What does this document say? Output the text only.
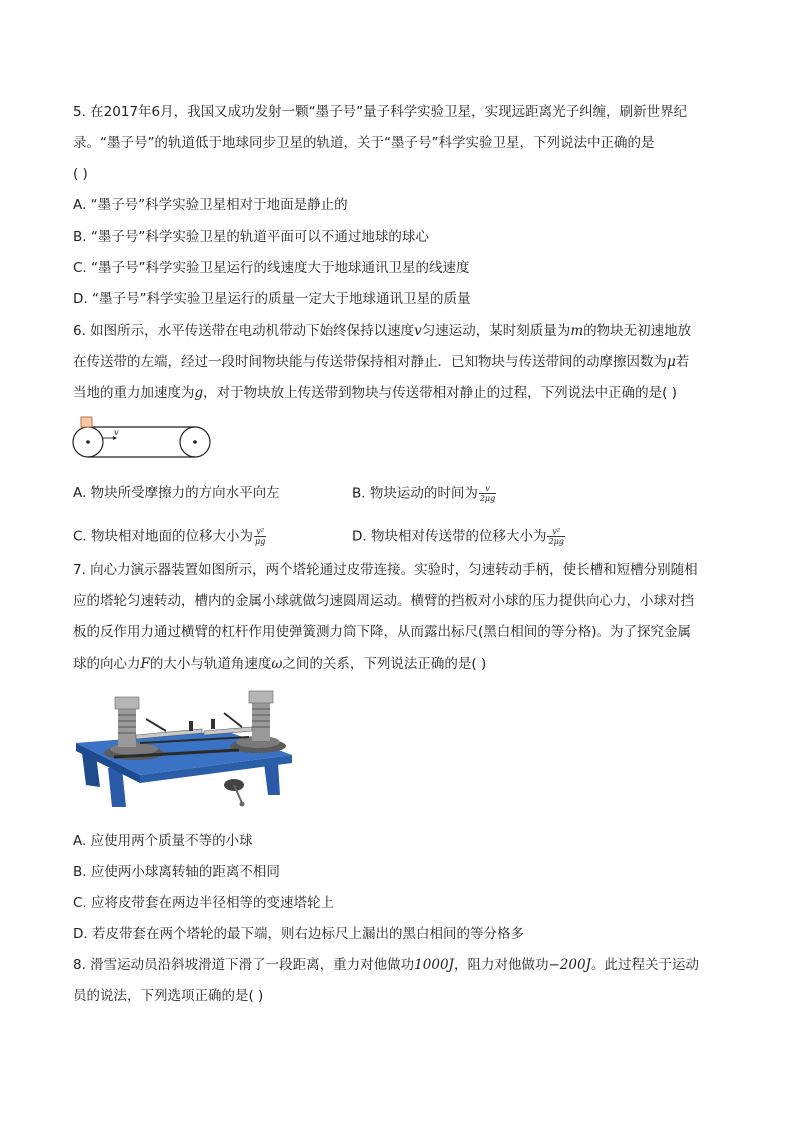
5. 在2017年6月，我国又成功发射一颗“墨子号”量子科学实验卫星，实现远距离光子纠缠，刷新世界纪
录。“墨子号”的轨道低于地球同步卫星的轨道，关于“墨子号”科学实验卫星，下列说法中正确的是
( )
A. “墨子号”科学实验卫星相对于地面是静止的
B. “墨子号”科学实验卫星的轨道平面可以不通过地球的球心
C. “墨子号”科学实验卫星运行的线速度大于地球通讯卫星的线速度
D. “墨子号”科学实验卫星运行的质量一定大于地球通讯卫星的质量
6. 如图所示，水平传送带在电动机带动下始终保持以速度v匀速运动，某时刻质量为m的物块无初速地放
在传送带的左端，经过一段时间物块能与传送带保持相对静止．已知物块与传送带间的动摩擦因数为μ若
当地的重力加速度为g，对于物块放上传送带到物块与传送带相对静止的过程，下列说法中正确的是( )
v
A. 物块所受摩擦力的方向水平向左	B. 物块运动的时间为 $\frac{v}{2\mu g}$
C. 物块相对地面的位移大小为 $\frac{\text{v²}}{\mu g}$	D. 物块相对传送带的位移大小为 $\frac{\text{v²}}{2\mu g}$
7. 向心力演示器装置如图所示，两个塔轮通过皮带连接。实验时，匀速转动手柄，使长槽和短槽分别随相
应的塔轮匀速转动，槽内的金属小球就做匀速圆周运动。横臂的挡板对小球的压力提供向心力，小球对挡
板的反作用力通过横臂的杠杆作用使弹簧测力筒下降，从而露出标尺(黑白相间的等分格)。为了探究金属
球的向心力F的大小与轨道角速度ω之间的关系，下列说法正确的是( )
A. 应使用两个质量不等的小球
B. 应使两小球离转轴的距离不相同
C. 应将皮带套在两边半径相等的变速塔轮上
D. 若皮带套在两个塔轮的最下端，则右边标尺上漏出的黑白相间的等分格多
8. 滑雪运动员沿斜坡滑道下滑了一段距离，重力对他做功1000J，阻力对他做功−200J。此过程关于运动
员的说法，下列选项正确的是( )
